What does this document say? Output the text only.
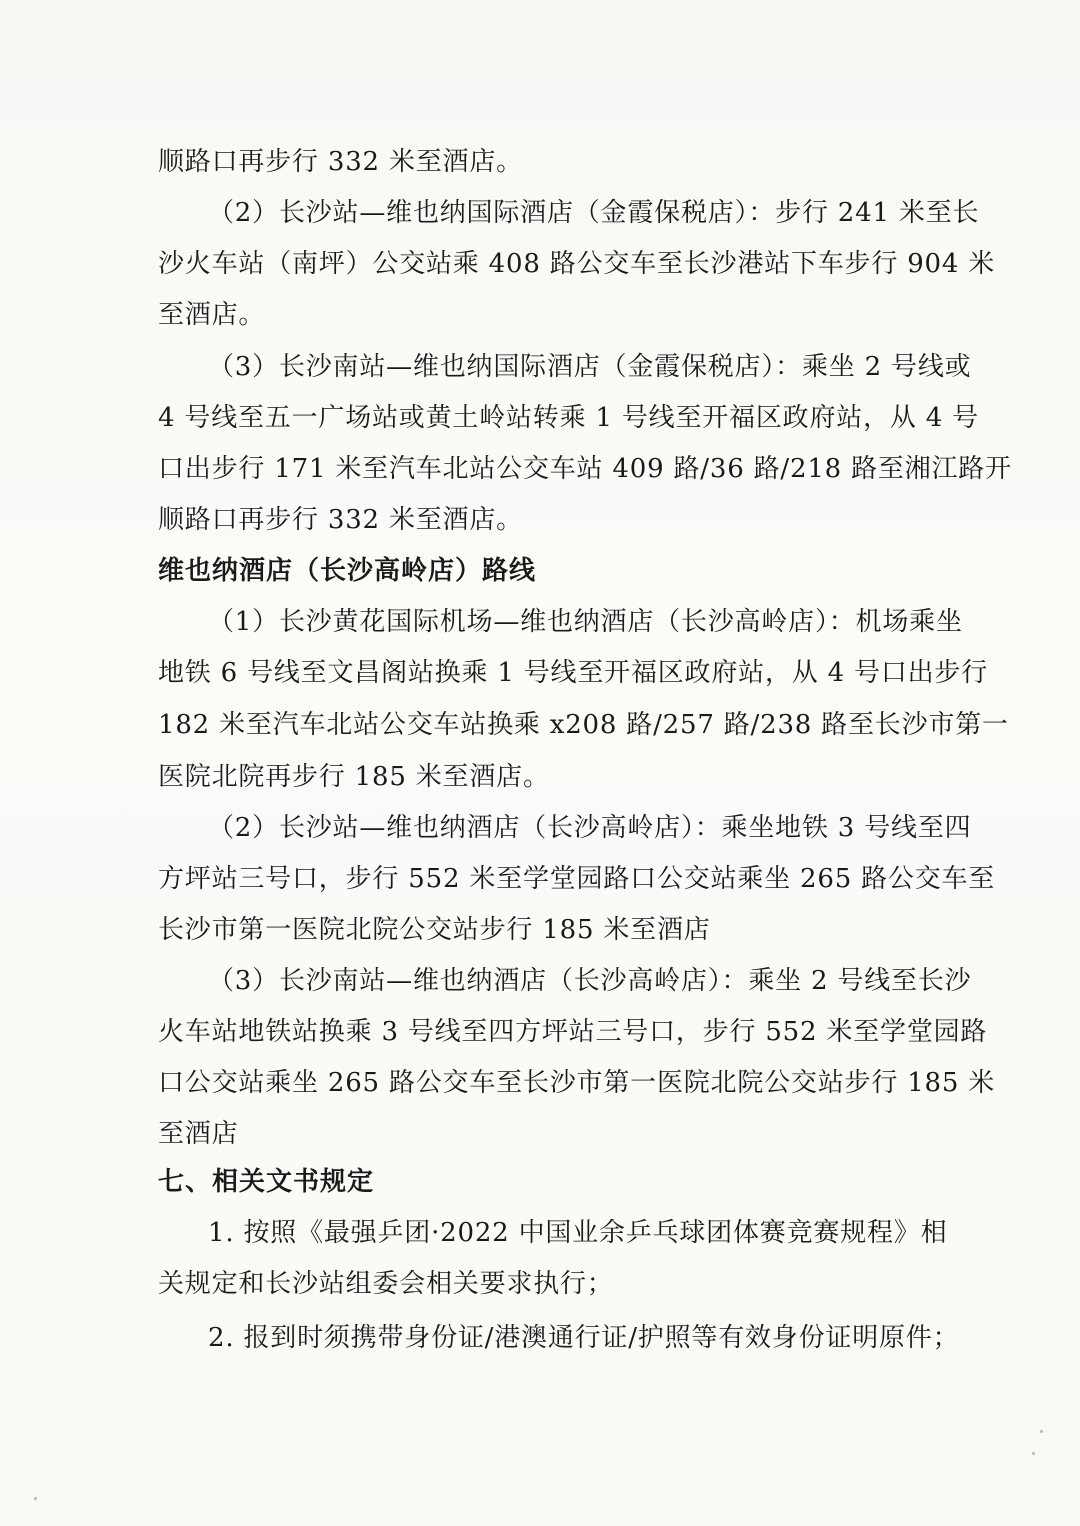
顺路口再步行 332 米至酒店。
（2）长沙站—维也纳国际酒店（金霞保税店）：步行 241 米至长
沙火车站（南坪）公交站乘 408 路公交车至长沙港站下车步行 904 米
至酒店。
（3）长沙南站—维也纳国际酒店（金霞保税店）：乘坐 2 号线或
4 号线至五一广场站或黄土岭站转乘 1 号线至开福区政府站，从 4 号
口出步行 171 米至汽车北站公交车站 409 路/36 路/218 路至湘江路开
顺路口再步行 332 米至酒店。
维也纳酒店（长沙高岭店）路线
（1）长沙黄花国际机场—维也纳酒店（长沙高岭店）：机场乘坐
地铁 6 号线至文昌阁站换乘 1 号线至开福区政府站，从 4 号口出步行
182 米至汽车北站公交车站换乘 x208 路/257 路/238 路至长沙市第一
医院北院再步行 185 米至酒店。
（2）长沙站—维也纳酒店（长沙高岭店）：乘坐地铁 3 号线至四
方坪站三号口，步行 552 米至学堂园路口公交站乘坐 265 路公交车至
长沙市第一医院北院公交站步行 185 米至酒店
（3）长沙南站—维也纳酒店（长沙高岭店）：乘坐 2 号线至长沙
火车站地铁站换乘 3 号线至四方坪站三号口，步行 552 米至学堂园路
口公交站乘坐 265 路公交车至长沙市第一医院北院公交站步行 185 米
至酒店
七、相关文书规定
1. 按照《最强乒团·2022 中国业余乒乓球团体赛竞赛规程》相
关规定和长沙站组委会相关要求执行；
2. 报到时须携带身份证/港澳通行证/护照等有效身份证明原件；
